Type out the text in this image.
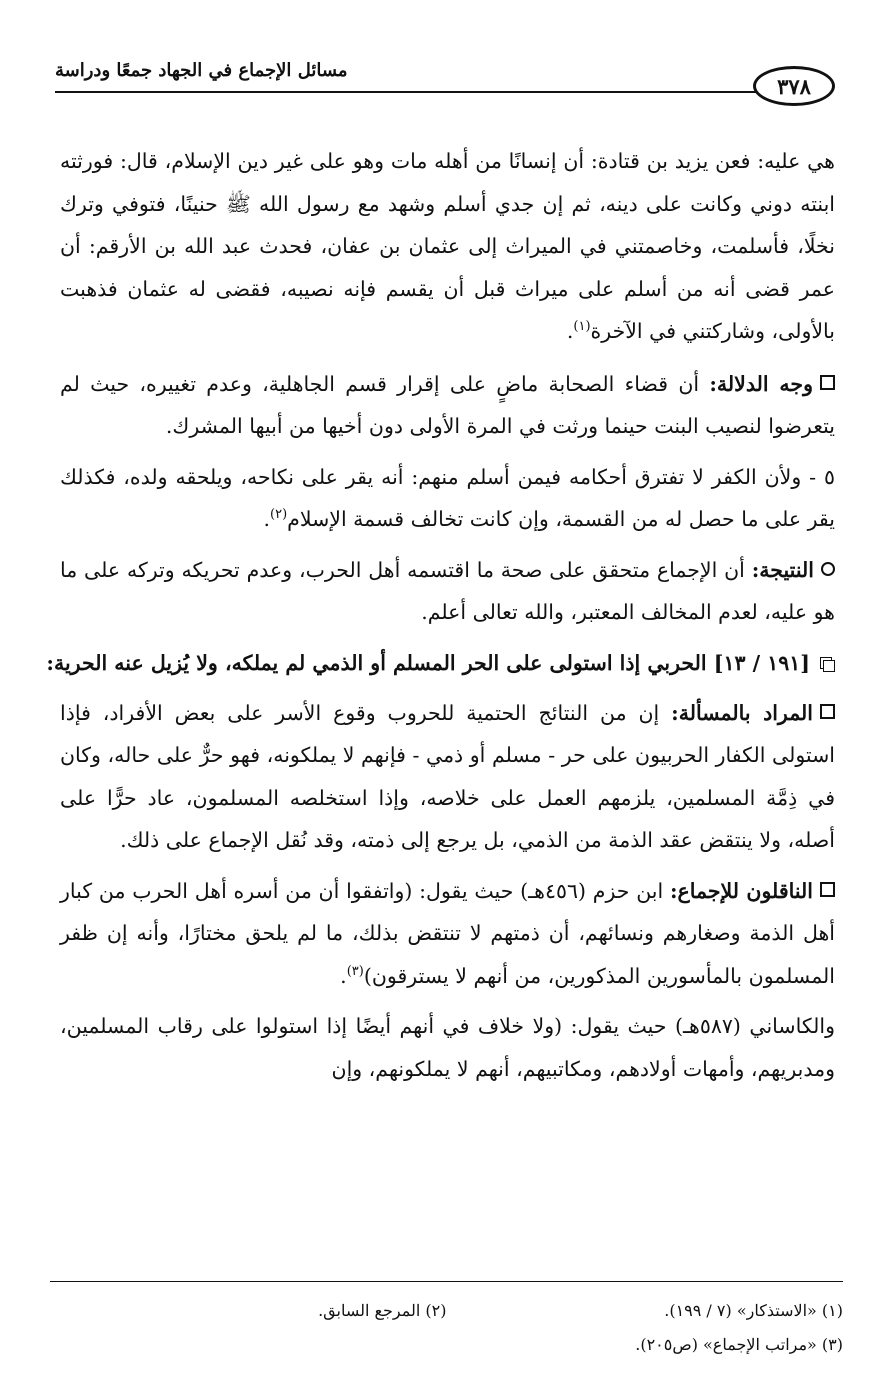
مسائل الإجماع في الجهاد جمعًا ودراسة
٣٧٨

هي عليه: فعن يزيد بن قتادة: أن إنسانًا من أهله مات وهو على غير دين الإسلام، قال: فورثته ابنته دوني وكانت على دينه، ثم إن جدي أسلم وشهد مع رسول الله ﷺ حنينًا، فتوفي وترك نخلًا، فأسلمت، وخاصمتني في الميراث إلى عثمان بن عفان، فحدث عبد الله بن الأرقم: أن عمر قضى أنه من أسلم على ميراث قبل أن يقسم فإنه نصيبه، فقضى له عثمان فذهبت بالأولى، وشاركتني في الآخرة$^{(١)}$.

وجه الدلالة: أن قضاء الصحابة ماضٍ على إقرار قسم الجاهلية، وعدم تغييره، حيث لم يتعرضوا لنصيب البنت حينما ورثت في المرة الأولى دون أخيها من أبيها المشرك.

٥ - ولأن الكفر لا تفترق أحكامه فيمن أسلم منهم: أنه يقر على نكاحه، ويلحقه ولده، فكذلك يقر على ما حصل له من القسمة، وإن كانت تخالف قسمة الإسلام$^{(٢)}$.

النتيجة: أن الإجماع متحقق على صحة ما اقتسمه أهل الحرب، وعدم تحريكه وتركه على ما هو عليه، لعدم المخالف المعتبر، والله تعالى أعلم.

[١٩١ / ١٣] الحربي إذا استولى على الحر المسلم أو الذمي لم يملكه، ولا يُزيل عنه الحرية:

المراد بالمسألة: إن من النتائج الحتمية للحروب وقوع الأسر على بعض الأفراد، فإذا استولى الكفار الحربيون على حر - مسلم أو ذمي - فإنهم لا يملكونه، فهو حرٌّ على حاله، وكان في ذِمَّة المسلمين، يلزمهم العمل على خلاصه، وإذا استخلصه المسلمون، عاد حرًّا على أصله، ولا ينتقض عقد الذمة من الذمي، بل يرجع إلى ذمته، وقد نُقل الإجماع على ذلك.

الناقلون للإجماع: ابن حزم (٤٥٦هـ) حيث يقول: (واتفقوا أن من أسره أهل الحرب من كبار أهل الذمة وصغارهم ونسائهم، أن ذمتهم لا تنتقض بذلك، ما لم يلحق مختارًا، وأنه إن ظفر المسلمون بالمأسورين المذكورين، من أنهم لا يسترقون)$^{(٣)}$.

والكاساني (٥٨٧هـ) حيث يقول: (ولا خلاف في أنهم أيضًا إذا استولوا على رقاب المسلمين، ومدبريهم، وأمهات أولادهم، ومكاتبيهم، أنهم لا يملكونهم، وإن

(١) «الاستذكار» (٧ / ١٩٩).
(٢) المرجع السابق.
(٣) «مراتب الإجماع» (ص٢٠٥).
